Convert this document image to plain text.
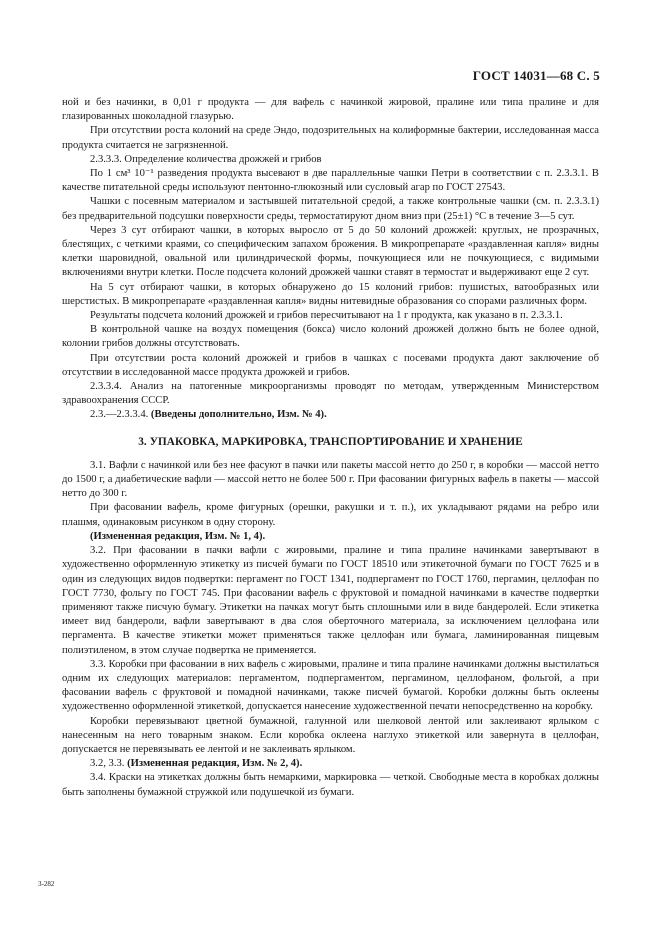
ГОСТ 14031—68 С. 5

ной и без начинки, в 0,01 г продукта — для вафель с начинкой жировой, пралине или типа пралине и для глазированных шоколадной глазурью.

При отсутствии роста колоний на среде Эндо, подозрительных на колиформные бактерии, исследованная масса продукта считается не загрязненной.

2.3.3.3. Определение количества дрожжей и грибов

По 1 см³ 10⁻¹ разведения продукта высевают в две параллельные чашки Петри в соответствии с п. 2.3.3.1. В качестве питательной среды используют пентонно-глюкозный или сусловый агар по ГОСТ 27543.

Чашки с посевным материалом и застывшей питательной средой, а также контрольные чашки (см. п. 2.3.3.1) без предварительной подсушки поверхности среды, термостатируют дном вниз при (25±1) °С в течение 3—5 сут.

Через 3 сут отбирают чашки, в которых выросло от 5 до 50 колоний дрожжей: круглых, не прозрачных, блестящих, с четкими краями, со специфическим запахом брожения. В микропрепарате «раздавленная капля» видны клетки шаровидной, овальной или цилиндрической формы, почкующиеся или не почкующиеся, с видимыми включениями внутри клетки. После подсчета колоний дрожжей чашки ставят в термостат и выдерживают еще 2 сут.

На 5 сут отбирают чашки, в которых обнаружено до 15 колоний грибов: пушистых, ватообразных или шерстистых. В микропрепарате «раздавленная капля» видны нитевидные образования со спорами различных форм.

Результаты подсчета колоний дрожжей и грибов пересчитывают на 1 г продукта, как указано в п. 2.3.3.1.

В контрольной чашке на воздух помещения (бокса) число колоний дрожжей должно быть не более одной, колонии грибов должны отсутствовать.

При отсутствии роста колоний дрожжей и грибов в чашках с посевами продукта дают заключение об отсутствии в исследованной массе продукта дрожжей и грибов.

2.3.3.4. Анализ на патогенные микроорганизмы проводят по методам, утвержденным Министерством здравоохранения СССР.

2.3.—2.3.3.4. (Введены дополнительно, Изм. № 4).

3. УПАКОВКА, МАРКИРОВКА, ТРАНСПОРТИРОВАНИЕ И ХРАНЕНИЕ

3.1. Вафли с начинкой или без нее фасуют в пачки или пакеты массой нетто до 250 г, в коробки — массой нетто до 1500 г, а диабетические вафли — массой нетто не более 500 г. При фасовании фигурных вафель в пакеты — массой нетто до 300 г.

При фасовании вафель, кроме фигурных (орешки, ракушки и т. п.), их укладывают рядами на ребро или плашмя, одинаковым рисунком в одну сторону.

(Измененная редакция, Изм. № 1, 4).

3.2. При фасовании в пачки вафли с жировыми, пралине и типа пралине начинками завертывают в художественно оформленную этикетку из писчей бумаги по ГОСТ 18510 или этикеточной бумаги по ГОСТ 7625 и в один из следующих видов подвертки: пергамент по ГОСТ 1341, подпергамент по ГОСТ 1760, пергамин, целлофан по ГОСТ 7730, фольгу по ГОСТ 745. При фасовании вафель с фруктовой и помадной начинками в качестве подвертки применяют также писчую бумагу. Этикетки на пачках могут быть сплошными или в виде бандеролей. Если этикетка имеет вид бандероли, вафли завертывают в два слоя оберточного материала, за исключением целлофана или пергамента. В качестве этикетки может применяться также целлофан или бумага, ламинированная пищевым полиэтиленом, в этом случае подвертка не применяется.

3.3. Коробки при фасовании в них вафель с жировыми, пралине и типа пралине начинками должны выстилаться одним их следующих материалов: пергаментом, подпергаментом, пергамином, целлофаном, фольгой, а при фасовании вафель с фруктовой и помадной начинками, также писчей бумагой. Коробки должны быть оклеены художественно оформленной этикеткой, допускается нанесение художественной печати непосредственно на коробку.

Коробки перевязывают цветной бумажной, галунной или шелковой лентой или заклеивают ярлыком с нанесенным на него товарным знаком. Если коробка оклеена наглухо этикеткой или завернута в целлофан, допускается не перевязывать ее лентой и не заклеивать ярлыком.

3.2, 3.3. (Измененная редакция, Изм. № 2, 4).

3.4. Краски на этикетках должны быть немаркими, маркировка — четкой. Свободные места в коробках должны быть заполнены бумажной стружкой или подушечкой из бумаги.

3-282
